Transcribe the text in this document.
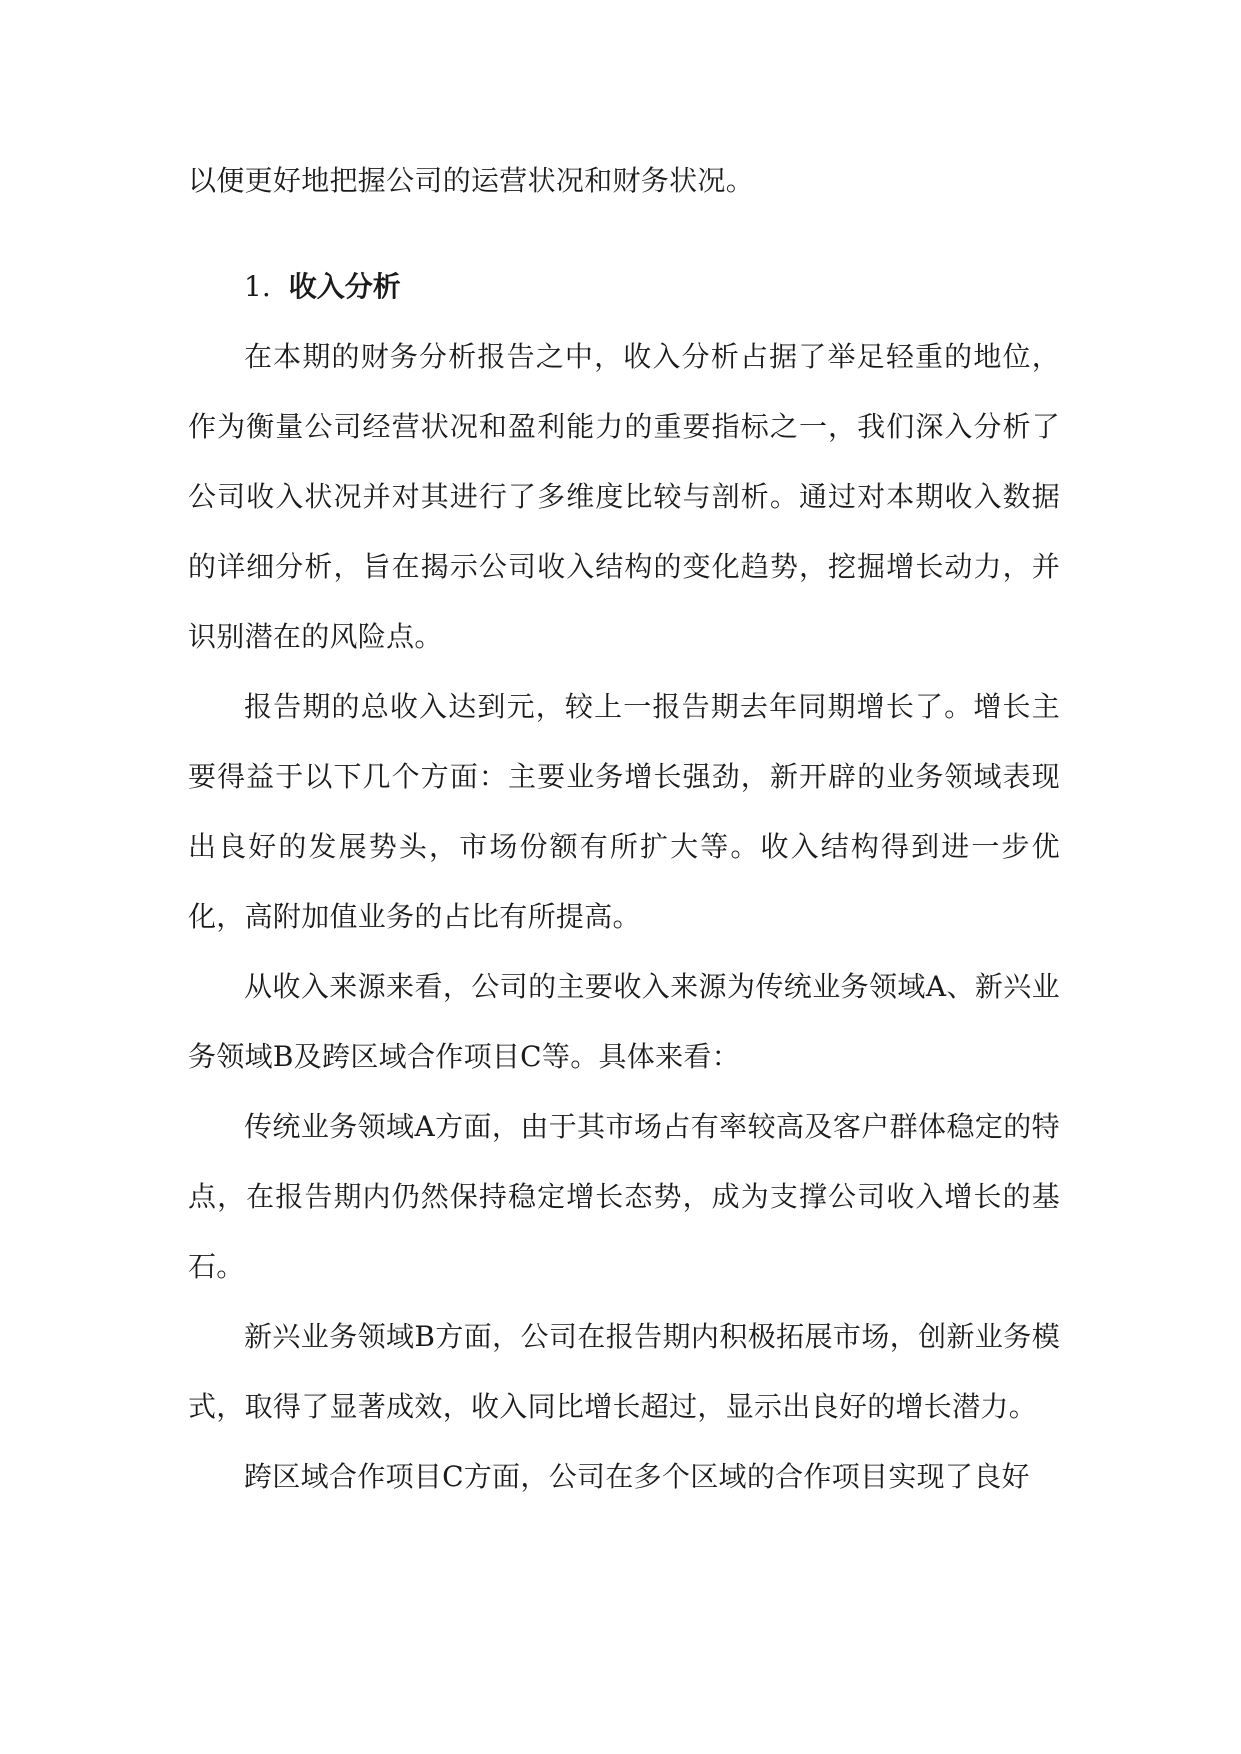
以便更好地把握公司的运营状况和财务状况。

1. 收入分析

在本期的财务分析报告之中，收入分析占据了举足轻重的地位，作为衡量公司经营状况和盈利能力的重要指标之一，我们深入分析了公司收入状况并对其进行了多维度比较与剖析。通过对本期收入数据的详细分析，旨在揭示公司收入结构的变化趋势，挖掘增长动力，并识别潜在的风险点。

报告期的总收入达到元，较上一报告期去年同期增长了。增长主要得益于以下几个方面：主要业务增长强劲，新开辟的业务领域表现出良好的发展势头，市场份额有所扩大等。收入结构得到进一步优化，高附加值业务的占比有所提高。

从收入来源来看，公司的主要收入来源为传统业务领域A、新兴业务领域B及跨区域合作项目C等。具体来看：

传统业务领域A方面，由于其市场占有率较高及客户群体稳定的特点，在报告期内仍然保持稳定增长态势，成为支撑公司收入增长的基石。

新兴业务领域B方面，公司在报告期内积极拓展市场，创新业务模式，取得了显著成效，收入同比增长超过，显示出良好的增长潜力。

跨区域合作项目C方面，公司在多个区域的合作项目实现了良好
